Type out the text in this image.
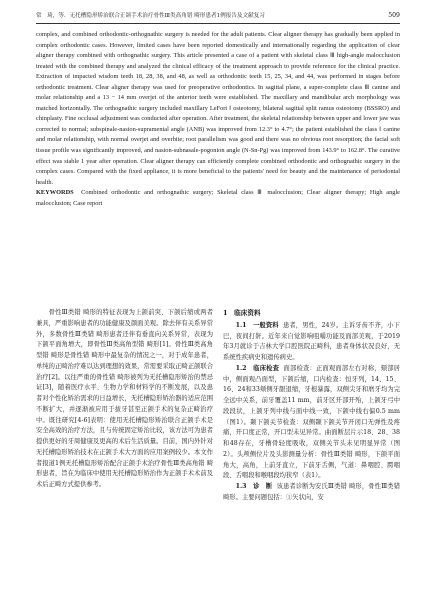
常　琦，等．无托槽隐形矫治联合正颌手术治疗骨性Ⅲ类高角错 畸形患者1例报告及文献复习	509

complex, and combined orthodontic-orthognathic surgery is needed for the adult patients. Clear aligner therapy has gradually been applied in complex orthodontic cases. However, limited cases have been reported domestically and internationally regarding the application of clear aligner therapy combined with orthognathic surgery. This article presented a case of a patient with skeletal class Ⅲ high-angle malocclusion treated with the combined therapy and analyzed the clinical efficacy of the treatment approach to provide reference for the clinical practice. Extraction of impacted wisdom teeth 18, 28, 38, and 48, as well as orthodontic teeth 15, 25, 34, and 44, was performed in stages before orthodontic treatment. Clear aligner therapy was used for preoperative orthodontics. In sagittal plane, a super-complete class Ⅲ canine and molar relationship and a 13 − 14 mm overjet of the anterior teeth were established. The maxillary and mandibular arch morphology was matched horizontally. The orthognathic surgery included maxillary LeFort Ⅰ osteotomy, bilateral sagittal split ramus osteotomy (BSSRO) and chinplasty. Fine occlusal adjustment was conducted after operation. After treatment, the skeletal relationship between upper and lower jaw was corrected to normal; subspinale-nasion-supramental angle (ANB) was improved from 12.3° to 4.7°; the patient established the class Ⅰ canine and molar relationship, with normal overjet and overbite; root parallelism was good and there was no obvious root resorption; the facial soft tissue profile was significantly improved, and nasion-subnasale-pogonion angle (N-Sn-Pg) was improved from 143.9° to 162.8°. The curative effect was stable 1 year after operation. Clear aligner therapy can efficiently complete combined orthodontic and orthognathic surgery in the complex cases. Compared with the fixed appliance, it is more beneficial to the patients' need for beauty and the maintenance of periodontal health.

KEYWORDS Combined orthodontic and orthognathic surgery; Skeletal class Ⅲ malocclusion; Clear aligner therapy; High angle malocclusion; Case report

骨性Ⅲ类错 畸形的特征表现为上颌前突、下颌后缩或两者兼具，严重影响患者的功能健康及颜面美观。除去伴有关系异常外，多数骨性Ⅲ类错 畸形患者还伴有垂直向关系异常，表现为下颌平面角增大，即骨性Ⅲ类高角型错 畸形[1]。骨性Ⅲ类高角型错 畸形是骨性错 畸形中最复杂的情况之一，对于成年患者，单纯的正畸治疗难以达到理想的效果，常需要采取正畸正颌联合治疗[2]。以往严重的骨性错 畸形被列为无托槽隐形矫治的禁忌证[3]，随着医疗水平、生物力学和材料学的不断发展，以及患者对个性化矫治需求的日益增长，无托槽隐形矫治器的适应范围不断扩大，并逐渐被应用于拔牙甚至正颌手术的复杂正畸治疗中。既往研究[4-6]表明：使用无托槽隐形矫治联合正颌手术是安全高效的治疗方法，且与传统固定矫治比较，该方法可为患者提供更好的牙周健康及更高的术后生活质量。目前，国内外针对无托槽隐形矫治技术在正颌手术大方面的应用案例较少。本文作者报道1例无托槽隐形矫治配合正颌手术治疗骨性Ⅲ类高角错 畸形患者，旨在为临床中使用无托槽隐形矫治作为正颌手术术前及术后正畸方式提供参考。

1　临床资料

1.1　一般资料 患者，男性，24岁。主诉牙齿不齐，小下巴，夜间打鼾。近年来自觉影响咀嚼功能及面部美观，于2019年3月就诊于吉林大学口腔医院正畸科，患者身体状况良好，无系统性疾病史和遗传病史。

1.2　临床检查 面部检查：正面观面部左右对称，颏部居中，侧面观凸面型，下颌后缩，口内检查：恒牙列，14、15、16、24和33颊侧牙龈退缩，牙根暴露，双侧尖牙和磨牙均为完全远中关系，前牙覆盖11 mm，前牙区开部开殆，上颌牙弓中段段状，上颌牙列中线与面中线一致，下颌中线右偏0.5 mm（图1）。颞下颌关节检查：双侧颞下颌关节开闭口无弹性及疼痛，开口度正常，开口型未见异常。曲面断层片示18、28、38和48存在，牙槽骨轻度吸收，双侧关节头未见明显异常（图2）。头颅侧位片及头影测量分析：骨性Ⅲ类错 畸形，下颌平面角大，高角，上前牙直立，下前牙舌侧，气道：鼻咽腔、腭咽段、舌咽段和喉咽段均狭窄（表1）。

1.3　诊　断 该患者诊断为安氏Ⅲ类错 畸形，骨性Ⅲ类错 畸形。主要问题包括：①矢状向，安
